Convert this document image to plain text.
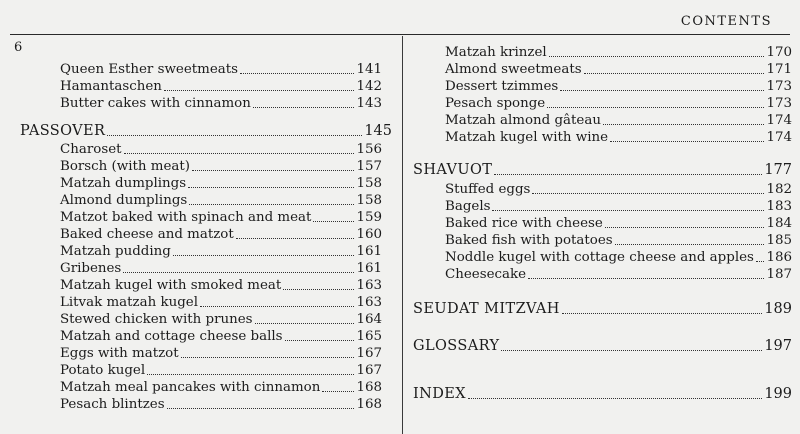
CONTENTS
6
Queen Esther sweetmeats	141
Hamantaschen	142
Butter cakes with cinnamon	143
PASSOVER	145
Charoset	156
Borsch (with meat)	157
Matzah dumplings	158
Almond dumplings	158
Matzot baked with spinach and meat	159
Baked cheese and matzot	160
Matzah pudding	161
Gribenes	161
Matzah kugel with smoked meat	163
Litvak matzah kugel	163
Stewed chicken with prunes	164
Matzah and cottage cheese balls	165
Eggs with matzot	167
Potato kugel	167
Matzah meal pancakes with cinnamon	168
Pesach blintzes	168
Matzah krinzel	170
Almond sweetmeats	171
Dessert tzimmes	173
Pesach sponge	173
Matzah almond gâteau	174
Matzah kugel with wine	174
SHAVUOT	177
Stuffed eggs	182
Bagels	183
Baked rice with cheese	184
Baked fish with potatoes	185
Noddle kugel with cottage cheese and apples 186
Cheesecake	187
SEUDAT MITZVAH	189
GLOSSARY	197
INDEX	199
